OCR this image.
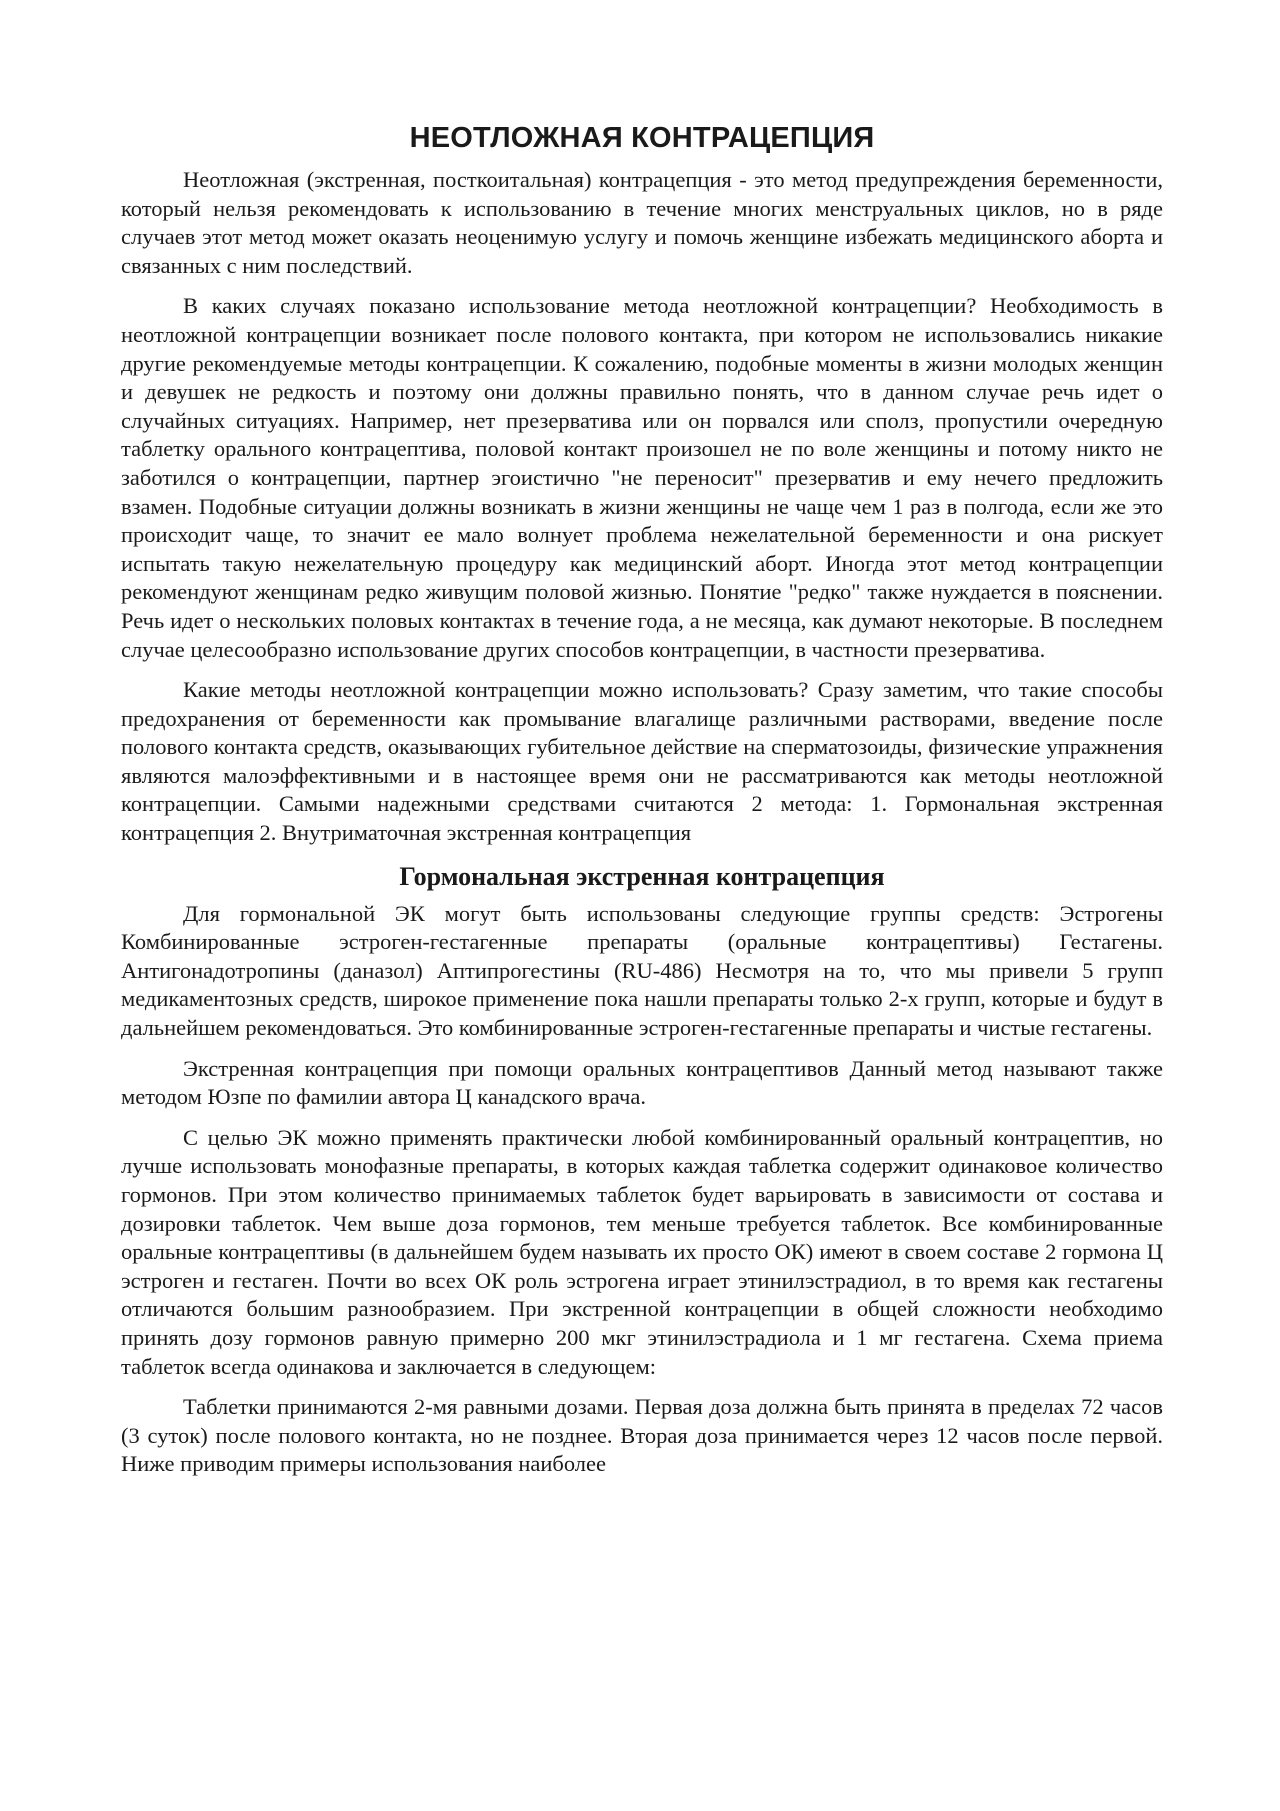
НЕОТЛОЖНАЯ КОНТРАЦЕПЦИЯ

Неотложная (экстренная, посткоитальная) контрацепция - это метод предупреждения беременности, который нельзя рекомендовать к использованию в течение многих менструальных циклов, но в ряде случаев этот метод может оказать неоценимую услугу и помочь женщине избежать медицинского аборта и связанных с ним последствий.

В каких случаях показано использование метода неотложной контрацепции? Необходимость в неотложной контрацепции возникает после полового контакта, при котором не использовались никакие другие рекомендуемые методы контрацепции. К сожалению, подобные моменты в жизни молодых женщин и девушек не редкость и поэтому они должны правильно понять, что в данном случае речь идет о случайных ситуациях. Например, нет презерватива или он порвался или сполз, пропустили очередную таблетку орального контрацептива, половой контакт произошел не по воле женщины и потому никто не заботился о контрацепции, партнер эгоистично "не переносит" презерватив и ему нечего предложить взамен. Подобные ситуации должны возникать в жизни женщины не чаще чем 1 раз в полгода, если же это происходит чаще, то значит ее мало волнует проблема нежелательной беременности и она рискует испытать такую нежелательную процедуру как медицинский аборт. Иногда этот метод контрацепции рекомендуют женщинам редко живущим половой жизнью. Понятие "редко" также нуждается в пояснении. Речь идет о нескольких половых контактах в течение года, а не месяца, как думают некоторые. В последнем случае целесообразно использование других способов контрацепции, в частности презерватива.

Какие методы неотложной контрацепции можно использовать? Сразу заметим, что такие способы предохранения от беременности как промывание влагалище различными растворами, введение после полового контакта средств, оказывающих губительное действие на сперматозоиды, физические упражнения являются малоэффективными и в настоящее время они не рассматриваются как методы неотложной контрацепции. Самыми надежными средствами считаются 2 метода: 1. Гормональная экстренная контрацепция 2. Внутриматочная экстренная контрацепция

Гормональная экстренная контрацепция

Для гормональной ЭК могут быть использованы следующие группы средств: Эстрогены Комбинированные эстроген-гестагенные препараты (оральные контрацептивы) Гестагены. Антигонадотропины (даназол) Аптипрогестины (RU-486) Несмотря на то, что мы привели 5 групп медикаментозных средств, широкое применение пока нашли препараты только 2-х групп, которые и будут в дальнейшем рекомендоваться. Это комбинированные эстроген-гестагенные препараты и чистые гестагены.

Экстренная контрацепция при помощи оральных контрацептивов Данный метод называют также методом Юзпе по фамилии автора Ц канадского врача.

С целью ЭК можно применять практически любой комбинированный оральный контрацептив, но лучше использовать монофазные препараты, в которых каждая таблетка содержит одинаковое количество гормонов. При этом количество принимаемых таблеток будет варьировать в зависимости от состава и дозировки таблеток. Чем выше доза гормонов, тем меньше требуется таблеток. Все комбинированные оральные контрацептивы (в дальнейшем будем называть их просто ОК) имеют в своем составе 2 гормона Ц эстроген и гестаген. Почти во всех ОК роль эстрогена играет этинилэстрадиол, в то время как гестагены отличаются большим разнообразием. При экстренной контрацепции в общей сложности необходимо принять дозу гормонов равную примерно 200 мкг этинилэстрадиола и 1 мг гестагена. Схема приема таблеток всегда одинакова и заключается в следующем:

Таблетки принимаются 2-мя равными дозами. Первая доза должна быть принята в пределах 72 часов (3 суток) после полового контакта, но не позднее. Вторая доза принимается через 12 часов после первой. Ниже приводим примеры использования наиболее
